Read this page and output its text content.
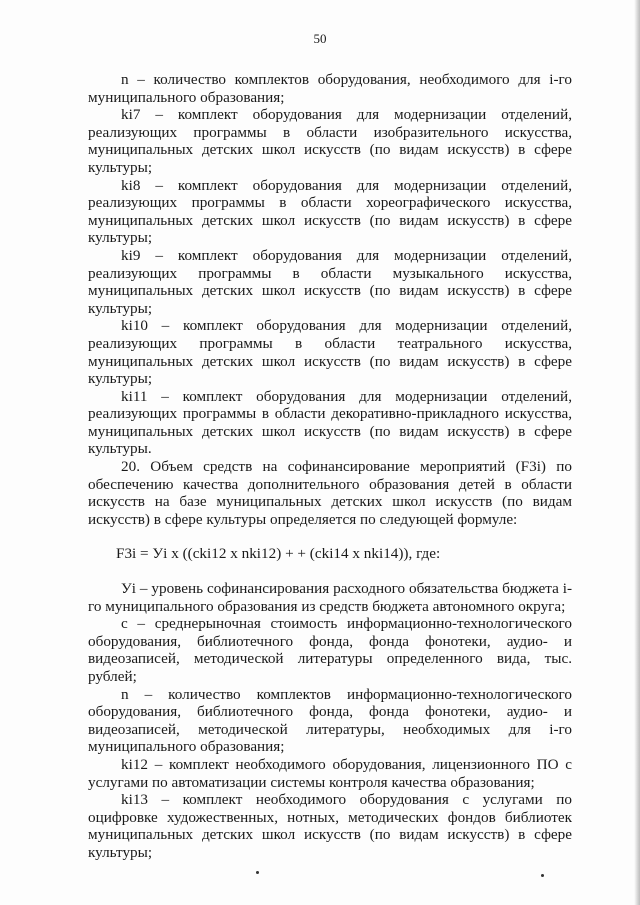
50

n – количество комплектов оборудования, необходимого для i-го муниципального образования;

ki7 – комплект оборудования для модернизации отделений, реализующих программы в области изобразительного искусства, муниципальных детских школ искусств (по видам искусств) в сфере культуры;

ki8 – комплект оборудования для модернизации отделений, реализующих программы в области хореографического искусства, муниципальных детских школ искусств (по видам искусств) в сфере культуры;

ki9 – комплект оборудования для модернизации отделений, реализующих программы в области музыкального искусства, муниципальных детских школ искусств (по видам искусств) в сфере культуры;

ki10 – комплект оборудования для модернизации отделений, реализующих программы в области театрального искусства, муниципальных детских школ искусств (по видам искусств) в сфере культуры;

ki11 – комплект оборудования для модернизации отделений, реализующих программы в области декоративно-прикладного искусства, муниципальных детских школ искусств (по видам искусств) в сфере культуры.

20. Объем средств на софинансирование мероприятий (F3i) по обеспечению качества дополнительного образования детей в области искусств на базе муниципальных детских школ искусств (по видам искусств) в сфере культуры определяется по следующей формуле:

F3i = Уi x ((cki12 x nki12) + + (cki14 x nki14)), где:

Уi – уровень софинансирования расходного обязательства бюджета i-го муниципального образования из средств бюджета автономного округа;

c – среднерыночная стоимость информационно-технологического оборудования, библиотечного фонда, фонда фонотеки, аудио- и видеозаписей, методической литературы определенного вида, тыс. рублей;

n – количество комплектов информационно-технологического оборудования, библиотечного фонда, фонда фонотеки, аудио- и видеозаписей, методической литературы, необходимых для i-го муниципального образования;

ki12 – комплект необходимого оборудования, лицензионного ПО с услугами по автоматизации системы контроля качества образования;

ki13 – комплект необходимого оборудования с услугами по оцифровке художественных, нотных, методических фондов библиотек муниципальных детских школ искусств (по видам искусств) в сфере культуры;
